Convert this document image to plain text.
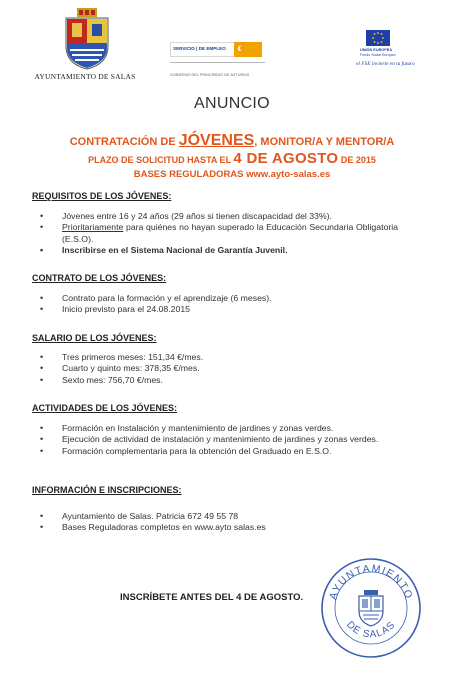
AYUNTAMIENTO DE SALAS
SERVICIO | DE EMPLEO ‹
GOBIERNO DEL PRINCIPADO DE ASTURIAS
UNIÓN EUROPEA
Fondo Social Europeo
el FSE invierte en tu futuro
ANUNCIO
CONTRATACIÓN DE JÓVENES, MONITOR/A Y MENTOR/A
PLAZO DE SOLICITUD HASTA EL 4 DE AGOSTO DE 2015
BASES REGULADORAS www.ayto-salas.es
REQUISITOS DE LOS JÓVENES:
• Jóvenes entre 16 y 24 años (29 años si tienen discapacidad del 33%).
• Prioritariamente para quiénes no hayan superado la Educación Secundaria Obligatoria (E.S.O).
• Inscribirse en el Sistema Nacional de Garantía Juvenil.
CONTRATO DE LOS JÓVENES:
• Contrato para la formación y el aprendizaje (6 meses).
• Inicio previsto para el 24.08.2015
SALARIO DE LOS JÓVENES:
• Tres primeros meses: 151,34 €/mes.
• Cuarto y quinto mes: 378,35 €/mes.
• Sexto mes: 756,70 €/mes.
ACTIVIDADES DE LOS JÓVENES:
• Formación en Instalación y mantenimiento de jardines y zonas verdes.
• Ejecución de actividad de instalación y mantenimiento de jardines y zonas verdes.
• Formación complementaria para la obtención del Graduado en E.S.O.
INFORMACIÓN E INSCRIPCIONES:
• Ayuntamiento de Salas. Patricia 672 49 55 78
• Bases Reguladoras completos en www.ayto salas.es
INSCRÍBETE ANTES DEL 4 DE AGOSTO. AYUNTAMIENTO
DE SALAS
